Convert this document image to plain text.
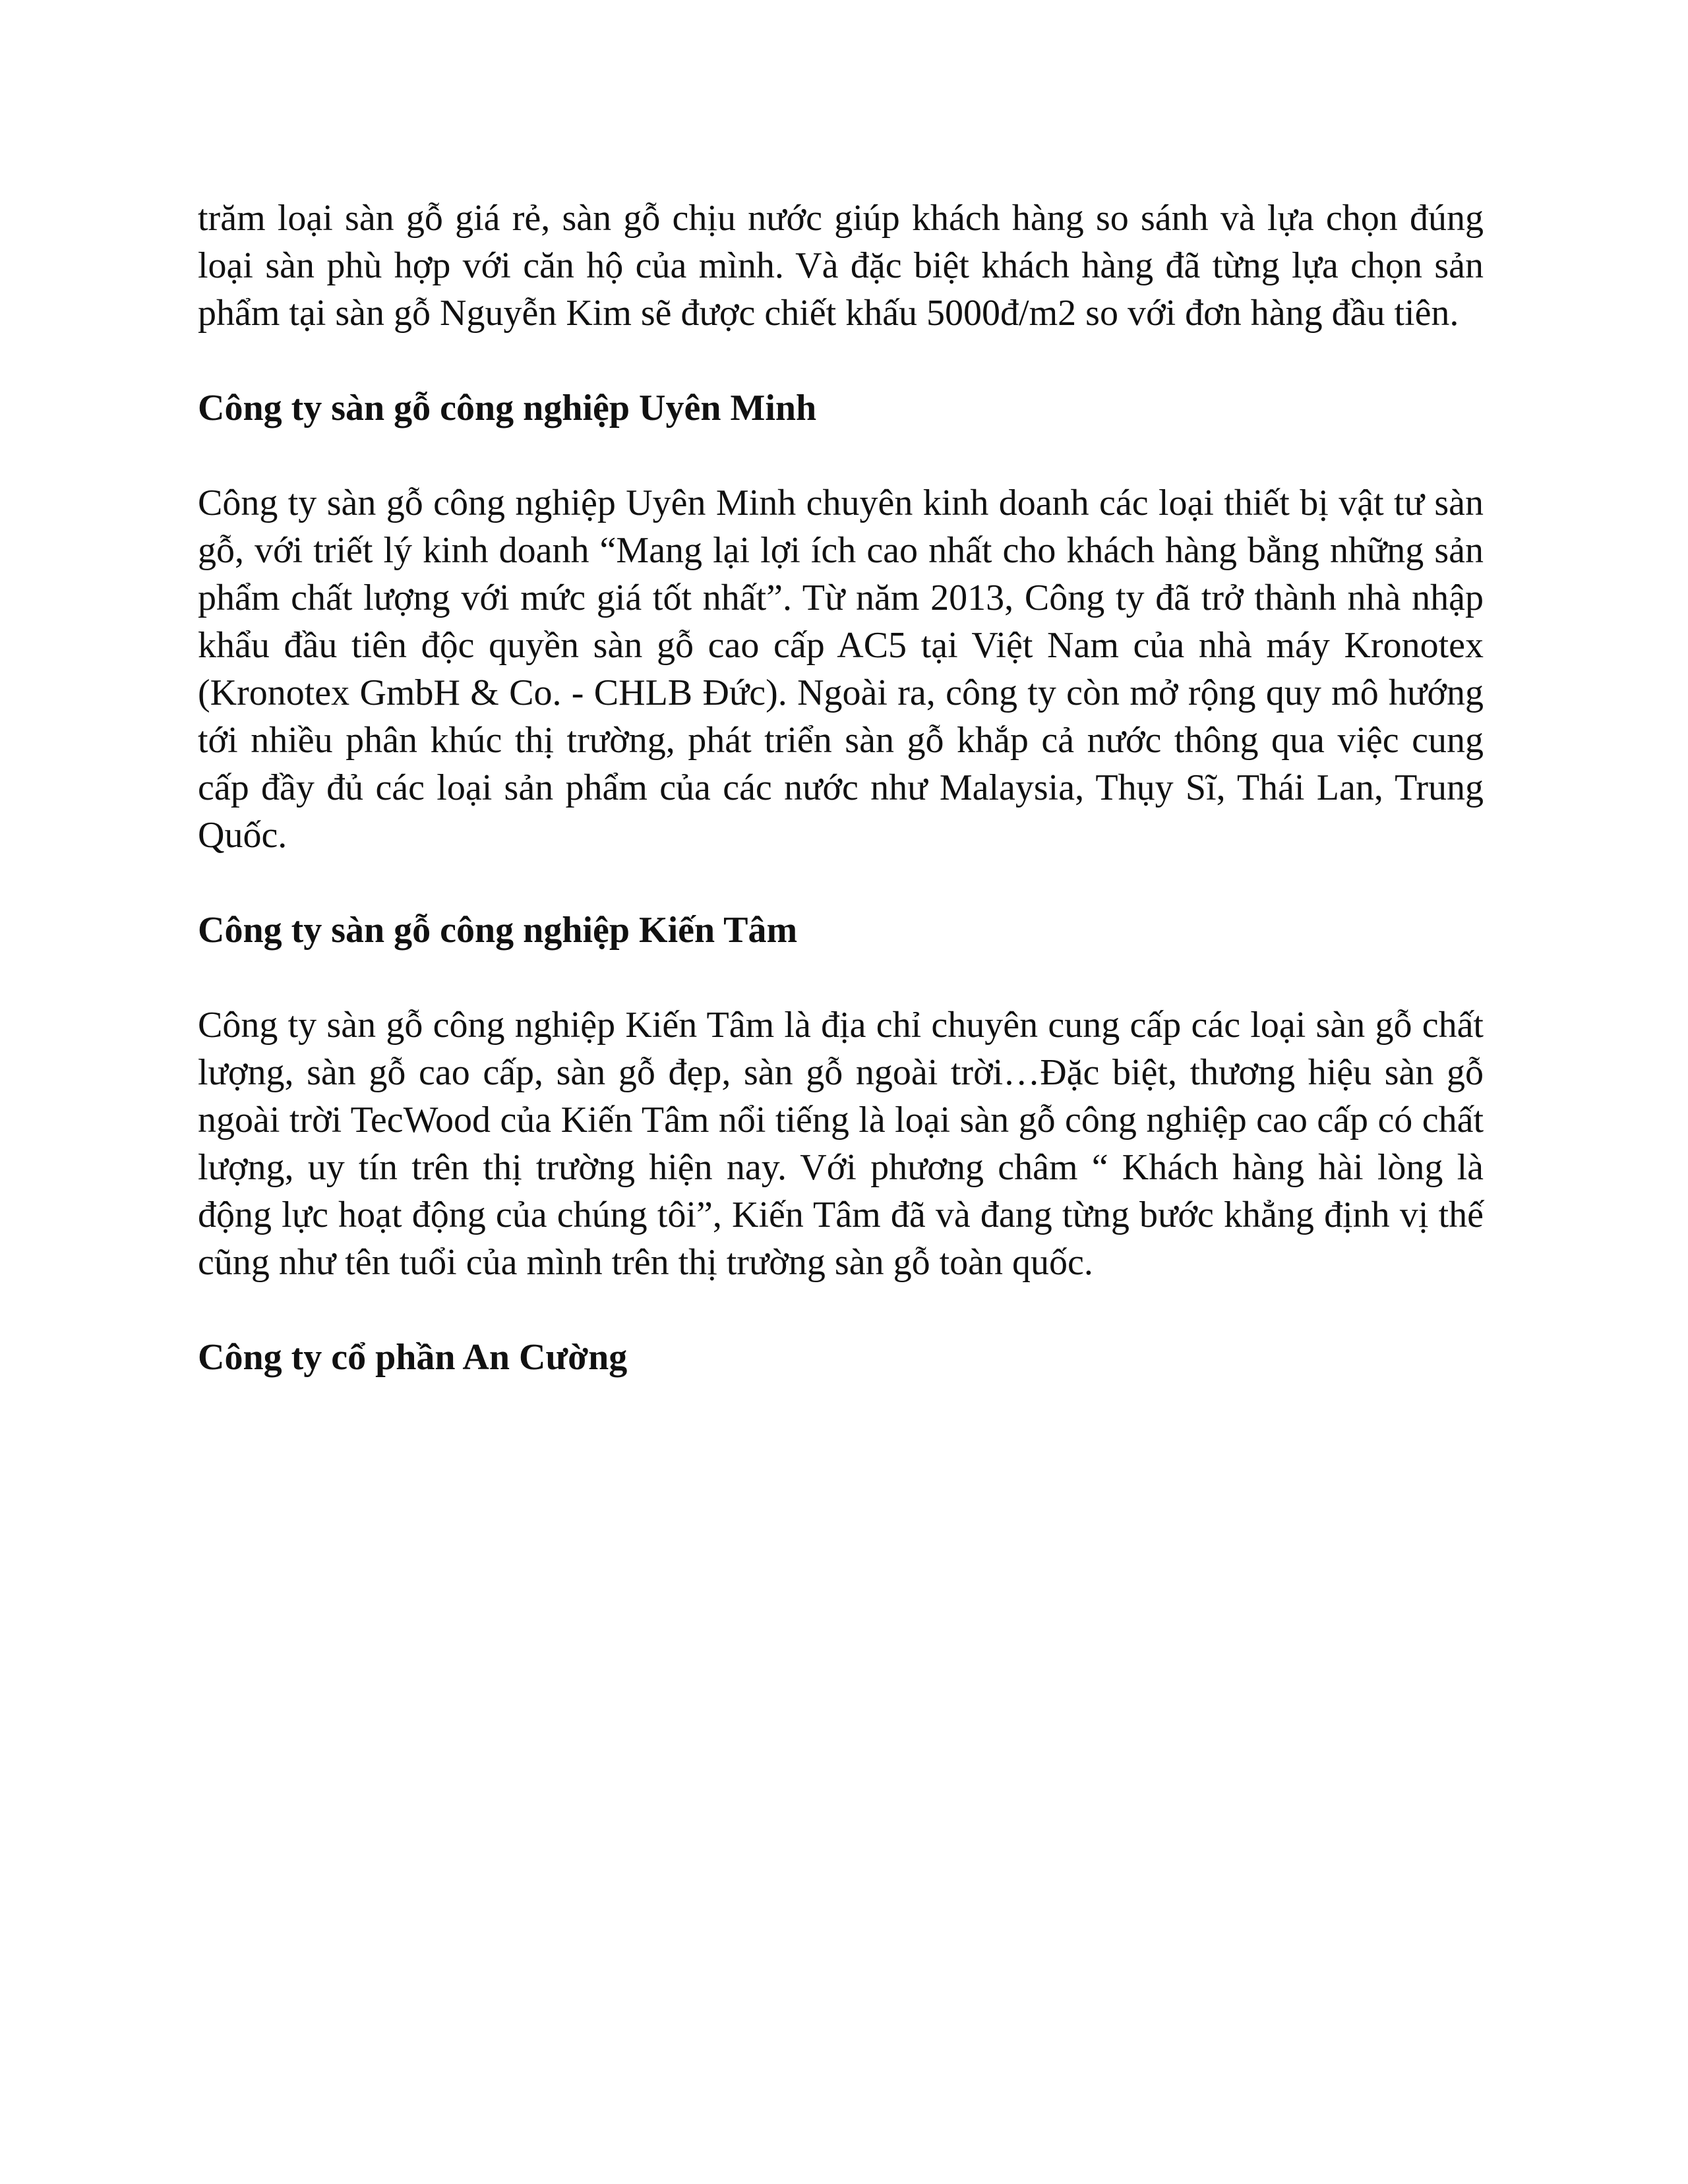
trăm loại sàn gỗ giá rẻ, sàn gỗ chịu nước giúp khách hàng so sánh và lựa chọn đúng loại sàn phù hợp với căn hộ của mình. Và đặc biệt khách hàng đã từng lựa chọn sản phẩm tại sàn gỗ Nguyễn Kim sẽ được chiết khấu 5000đ/m2 so với đơn hàng đầu tiên.

Công ty sàn gỗ công nghiệp Uyên Minh

Công ty sàn gỗ công nghiệp Uyên Minh chuyên kinh doanh các loại thiết bị vật tư sàn gỗ, với triết lý kinh doanh “Mang lại lợi ích cao nhất cho khách hàng bằng những sản phẩm chất lượng với mức giá tốt nhất”. Từ năm 2013, Công ty đã trở thành nhà nhập khẩu đầu tiên độc quyền sàn gỗ cao cấp AC5 tại Việt Nam của nhà máy Kronotex (Kronotex GmbH & Co. - CHLB Đức). Ngoài ra, công ty còn mở rộng quy mô hướng tới nhiều phân khúc thị trường, phát triển sàn gỗ khắp cả nước thông qua việc cung cấp đầy đủ các loại sản phẩm của các nước như Malaysia, Thụy Sĩ, Thái Lan, Trung Quốc.

Công ty sàn gỗ công nghiệp Kiến Tâm

Công ty sàn gỗ công nghiệp Kiến Tâm là địa chỉ chuyên cung cấp các loại sàn gỗ chất lượng, sàn gỗ cao cấp, sàn gỗ đẹp, sàn gỗ ngoài trời…Đặc biệt, thương hiệu sàn gỗ ngoài trời TecWood của Kiến Tâm nổi tiếng là loại sàn gỗ công nghiệp cao cấp có chất lượng, uy tín trên thị trường hiện nay. Với phương châm “ Khách hàng hài lòng là động lực hoạt động của chúng tôi”, Kiến Tâm đã và đang từng bước khẳng định vị thế cũng như tên tuổi của mình trên thị trường sàn gỗ toàn quốc.

Công ty cổ phần An Cường
